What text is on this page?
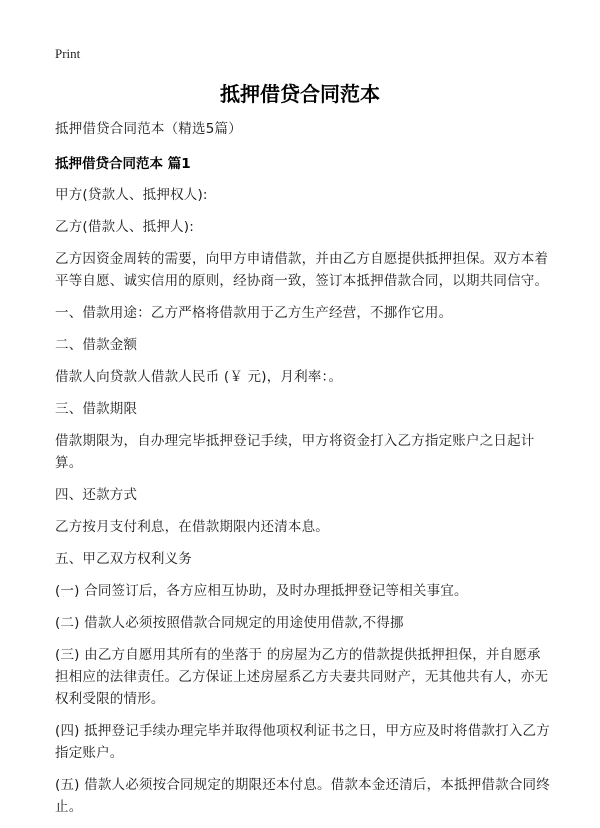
Print
抵押借贷合同范本
抵押借贷合同范本（精选5篇）
抵押借贷合同范本 篇1
甲方(贷款人、抵押权人):
乙方(借款人、抵押人):
乙方因资金周转的需要，向甲方申请借款，并由乙方自愿提供抵押担保。双方本着平等自愿、诚实信用的原则，经协商一致，签订本抵押借款合同，以期共同信守。
一、借款用途：乙方严格将借款用于乙方生产经营，不挪作它用。
二、借款金额
借款人向贷款人借款人民币 (￥ 元)，月利率：。
三、借款期限
借款期限为，自办理完毕抵押登记手续，甲方将资金打入乙方指定账户之日起计算。
四、还款方式
乙方按月支付利息，在借款期限内还清本息。
五、甲乙双方权利义务
(一) 合同签订后，各方应相互协助，及时办理抵押登记等相关事宜。
(二) 借款人必须按照借款合同规定的用途使用借款,不得挪
(三) 由乙方自愿用其所有的坐落于 的房屋为乙方的借款提供抵押担保，并自愿承担相应的法律责任。乙方保证上述房屋系乙方夫妻共同财产，无其他共有人，亦无权利受限的情形。
(四) 抵押登记手续办理完毕并取得他项权利证书之日，甲方应及时将借款打入乙方指定账户。
(五) 借款人必须按合同规定的期限还本付息。借款本金还清后，本抵押借款合同终止。
